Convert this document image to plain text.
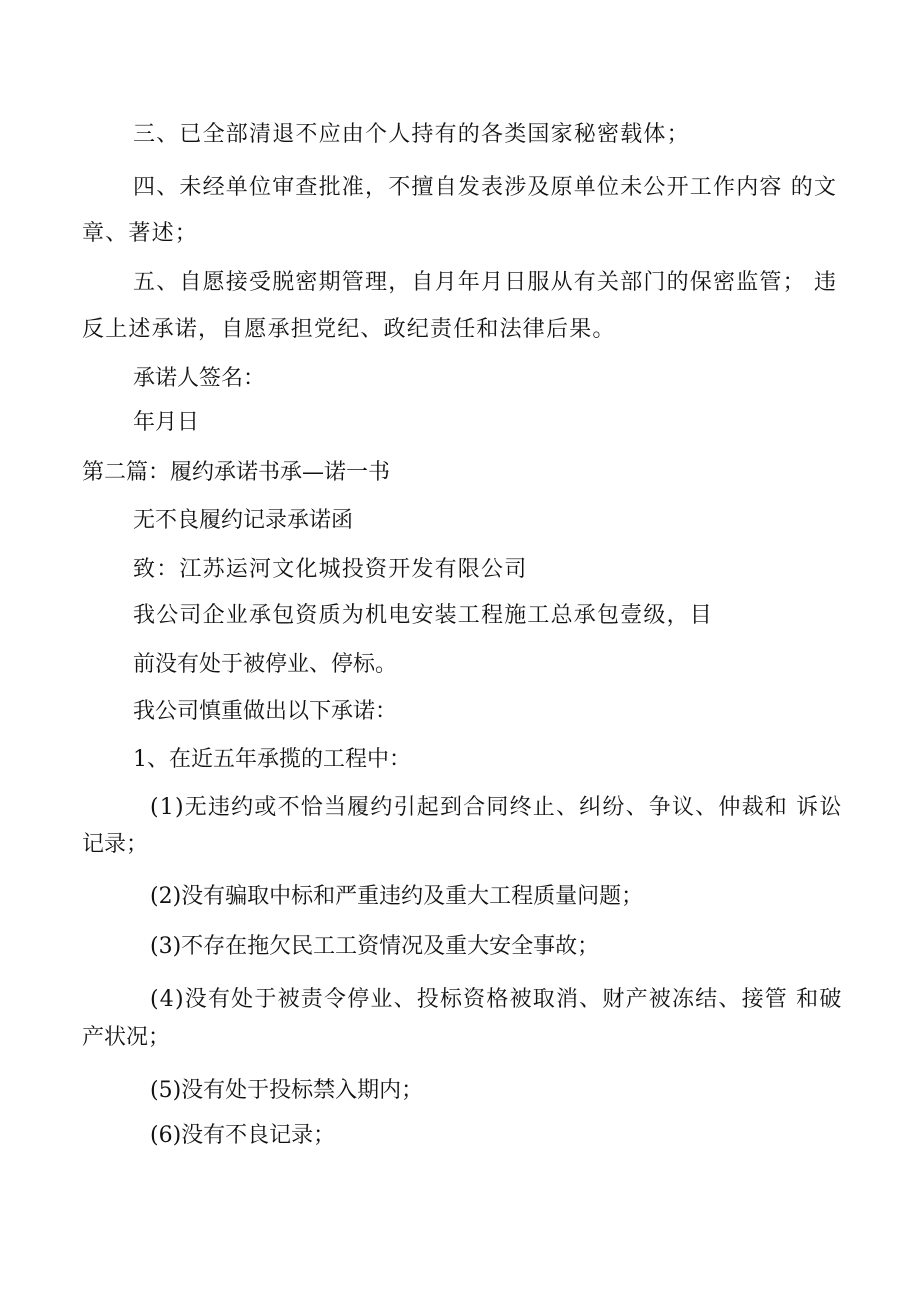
三、已全部清退不应由个人持有的各类国家秘密载体；
四、未经单位审查批准，不擅自发表涉及原单位未公开工作内容 的文
章、著述；
五、自愿接受脱密期管理，自月年月日服从有关部门的保密监管； 违
反上述承诺，自愿承担党纪、政纪责任和法律后果。
承诺人签名：
年月日
第二篇：履约承诺书承—诺一书
无不良履约记录承诺函
致：江苏运河文化城投资开发有限公司
我公司企业承包资质为机电安装工程施工总承包壹级，目
前没有处于被停业、停标。
我公司慎重做出以下承诺：
1、在近五年承揽的工程中：
(1)无违约或不恰当履约引起到合同终止、纠纷、争议、仲裁和 诉讼
记录；
(2)没有骗取中标和严重违约及重大工程质量问题；
(3)不存在拖欠民工工资情况及重大安全事故；
(4)没有处于被责令停业、投标资格被取消、财产被冻结、接管 和破
产状况；
(5)没有处于投标禁入期内；
(6)没有不良记录；
